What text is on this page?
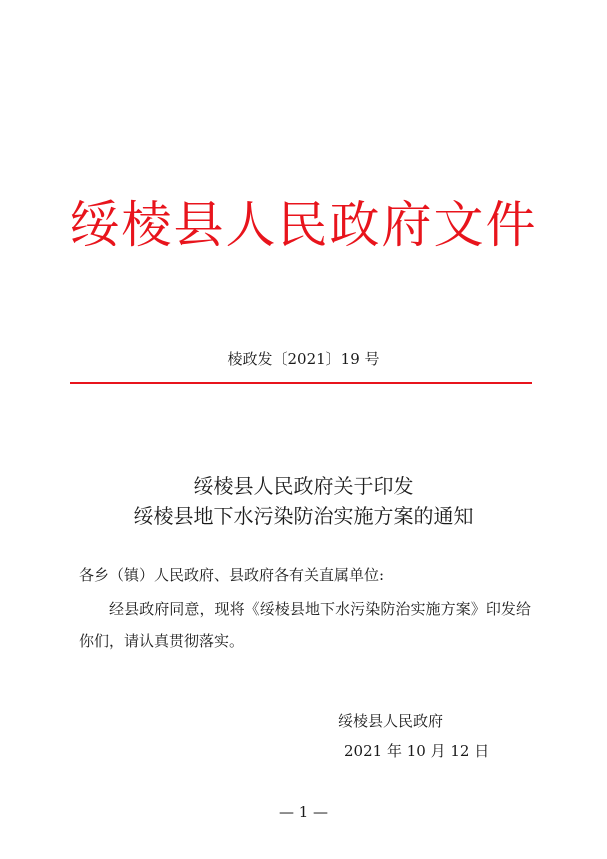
绥棱县人民政府文件
棱政发〔2021〕19 号
绥棱县人民政府关于印发
绥棱县地下水污染防治实施方案的通知
各乡（镇）人民政府、县政府各有关直属单位:
经县政府同意，现将《绥棱县地下水污染防治实施方案》印发给你们，请认真贯彻落实。
绥棱县人民政府
2021 年 10 月 12 日
— 1 —
